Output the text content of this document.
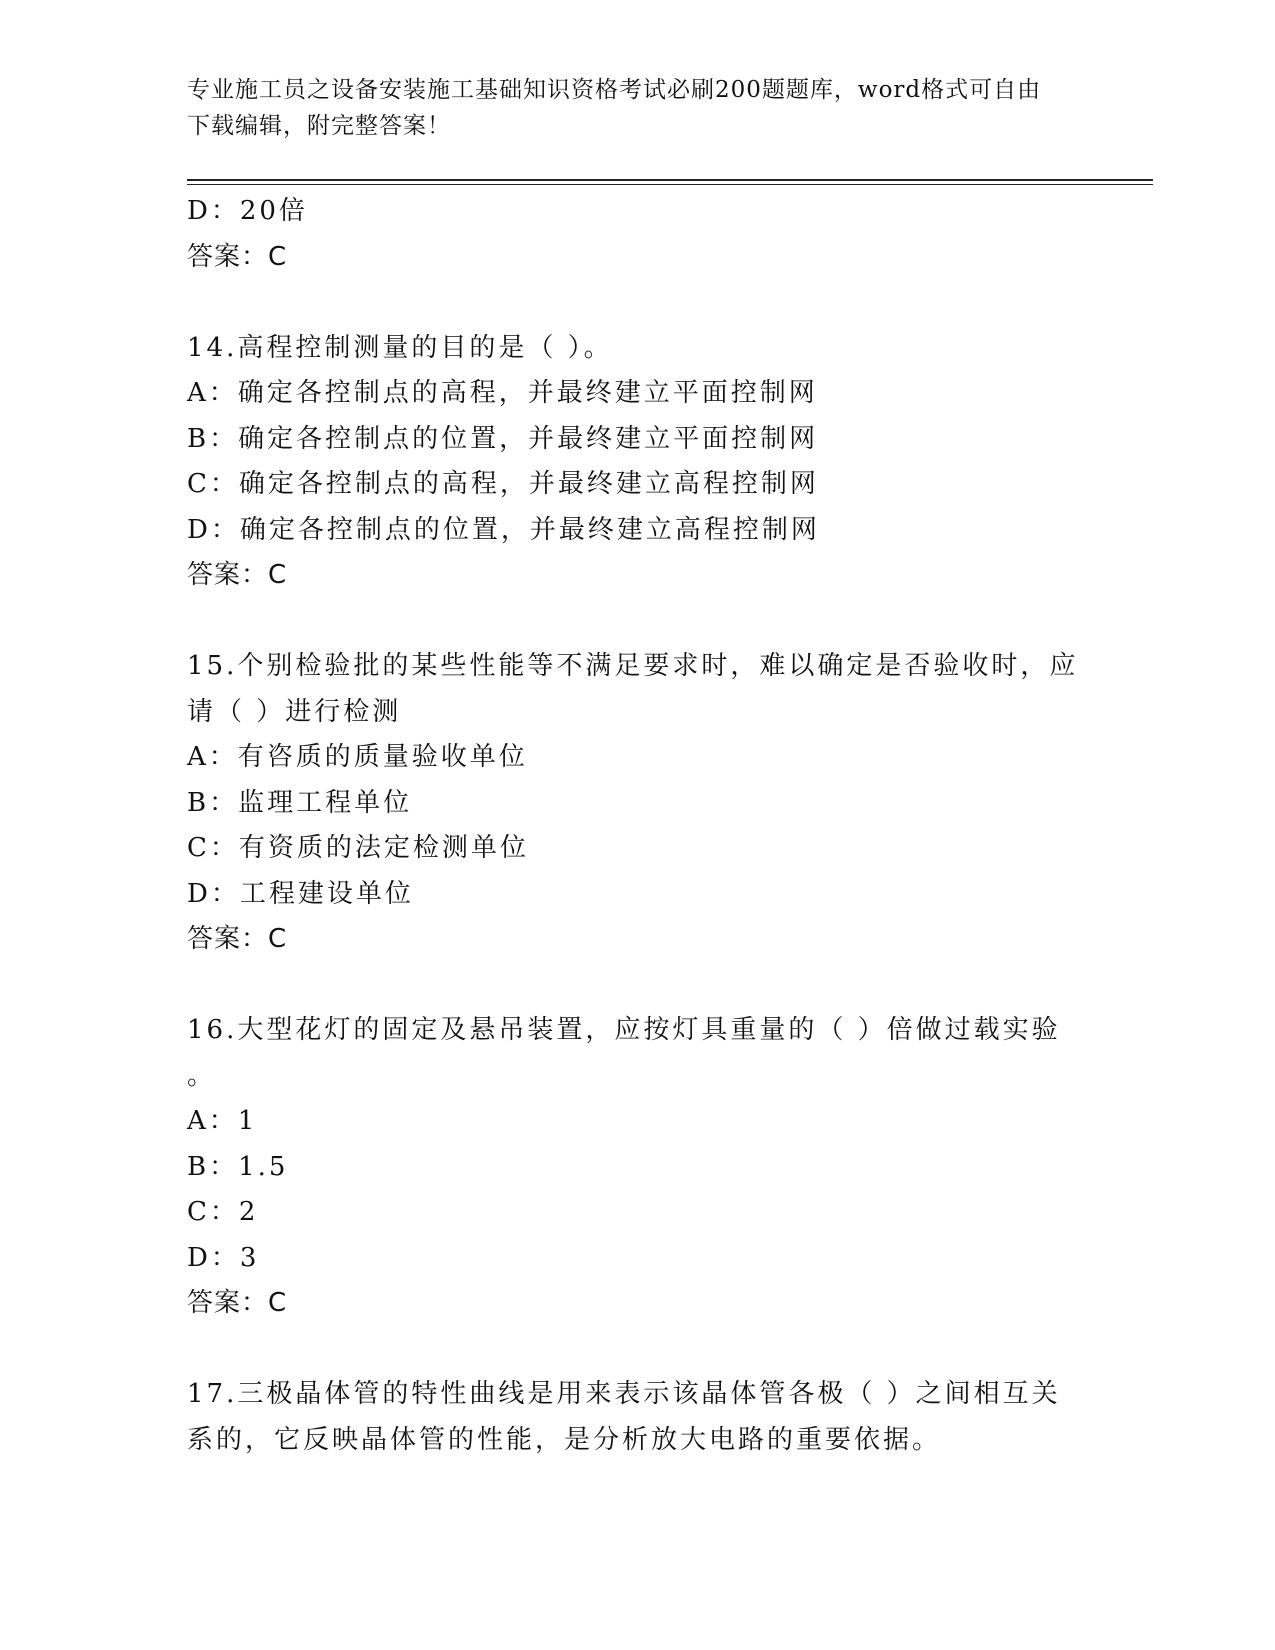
专业施工员之设备安装施工基础知识资格考试必刷200题题库，word格式可自由
下载编辑，附完整答案！
D：20倍
答案：C
14.高程控制测量的目的是（ ）。
A：确定各控制点的高程，并最终建立平面控制网
B：确定各控制点的位置，并最终建立平面控制网
C：确定各控制点的高程，并最终建立高程控制网
D：确定各控制点的位置，并最终建立高程控制网
答案：C
15.个别检验批的某些性能等不满足要求时，难以确定是否验收时，应
请（ ）进行检测
A：有咨质的质量验收单位
B：监理工程单位
C：有资质的法定检测单位
D：工程建设单位
答案：C
16.大型花灯的固定及悬吊装置，应按灯具重量的（ ）倍做过载实验
。
A：1
B：1.5
C：2
D：3
答案：C
17.三极晶体管的特性曲线是用来表示该晶体管各极（ ）之间相互关
系的，它反映晶体管的性能，是分析放大电路的重要依据。
